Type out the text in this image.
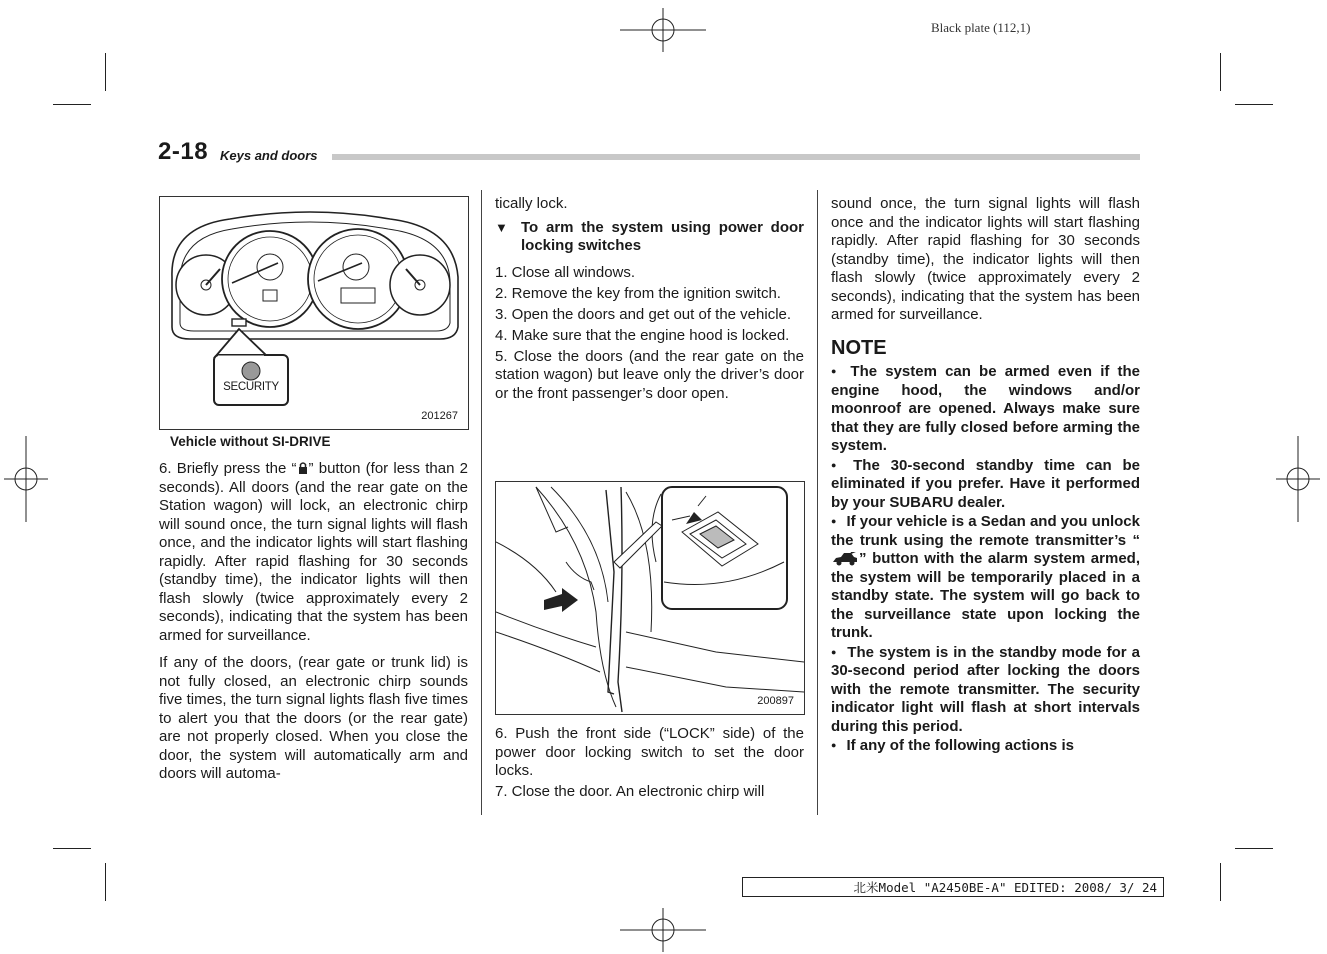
Black plate (112,1)
2-18 Keys and doors
SECURITY
201267
Vehicle without SI-DRIVE

6. Briefly press the “ ” button (for less than 2 seconds). All doors (and the rear gate on the Station wagon) will lock, an electronic chirp will sound once, the turn signal lights will flash once, and the indicator lights will start flashing rapidly. After rapid flashing for 30 seconds (standby time), the indicator lights will then flash slowly (twice approximately every 2 seconds), indicating that the system has been armed for surveillance.

If any of the doors, (rear gate or trunk lid) is not fully closed, an electronic chirp sounds five times, the turn signal lights flash five times to alert you that the doors (or the rear gate) are not properly closed. When you close the door, the system will automatically arm and doors will automa-

tically lock.

▼ To arm the system using power door locking switches

1. Close all windows.

2. Remove the key from the ignition switch.

3. Open the doors and get out of the vehicle.

4. Make sure that the engine hood is locked.

5. Close the doors (and the rear gate on the station wagon) but leave only the driver’s door or the front passenger’s door open.

200897

6. Push the front side (“LOCK” side) of the power door locking switch to set the door locks.

7. Close the door. An electronic chirp will

sound once, the turn signal lights will flash once and the indicator lights will start flashing rapidly. After rapid flashing for 30 seconds (standby time), the indicator lights will then flash slowly (twice approximately every 2 seconds), indicating that the system has been armed for surveillance.

NOTE

● The system can be armed even if the engine hood, the windows and/or moonroof are opened. Always make sure that they are fully closed before arming the system.

● The 30-second standby time can be eliminated if you prefer. Have it performed by your SUBARU dealer.

● If your vehicle is a Sedan and you unlock the trunk using the remote transmitter’s “” button with the alarm system armed, the system will be temporarily placed in a standby state. The system will go back to the surveillance state upon locking the trunk.

● The system is in the standby mode for a 30-second period after locking the doors with the remote transmitter. The security indicator light will flash at short intervals during this period.

● If any of the following actions is

北米Model "A2450BE-A" EDITED: 2008/ 3/ 24
